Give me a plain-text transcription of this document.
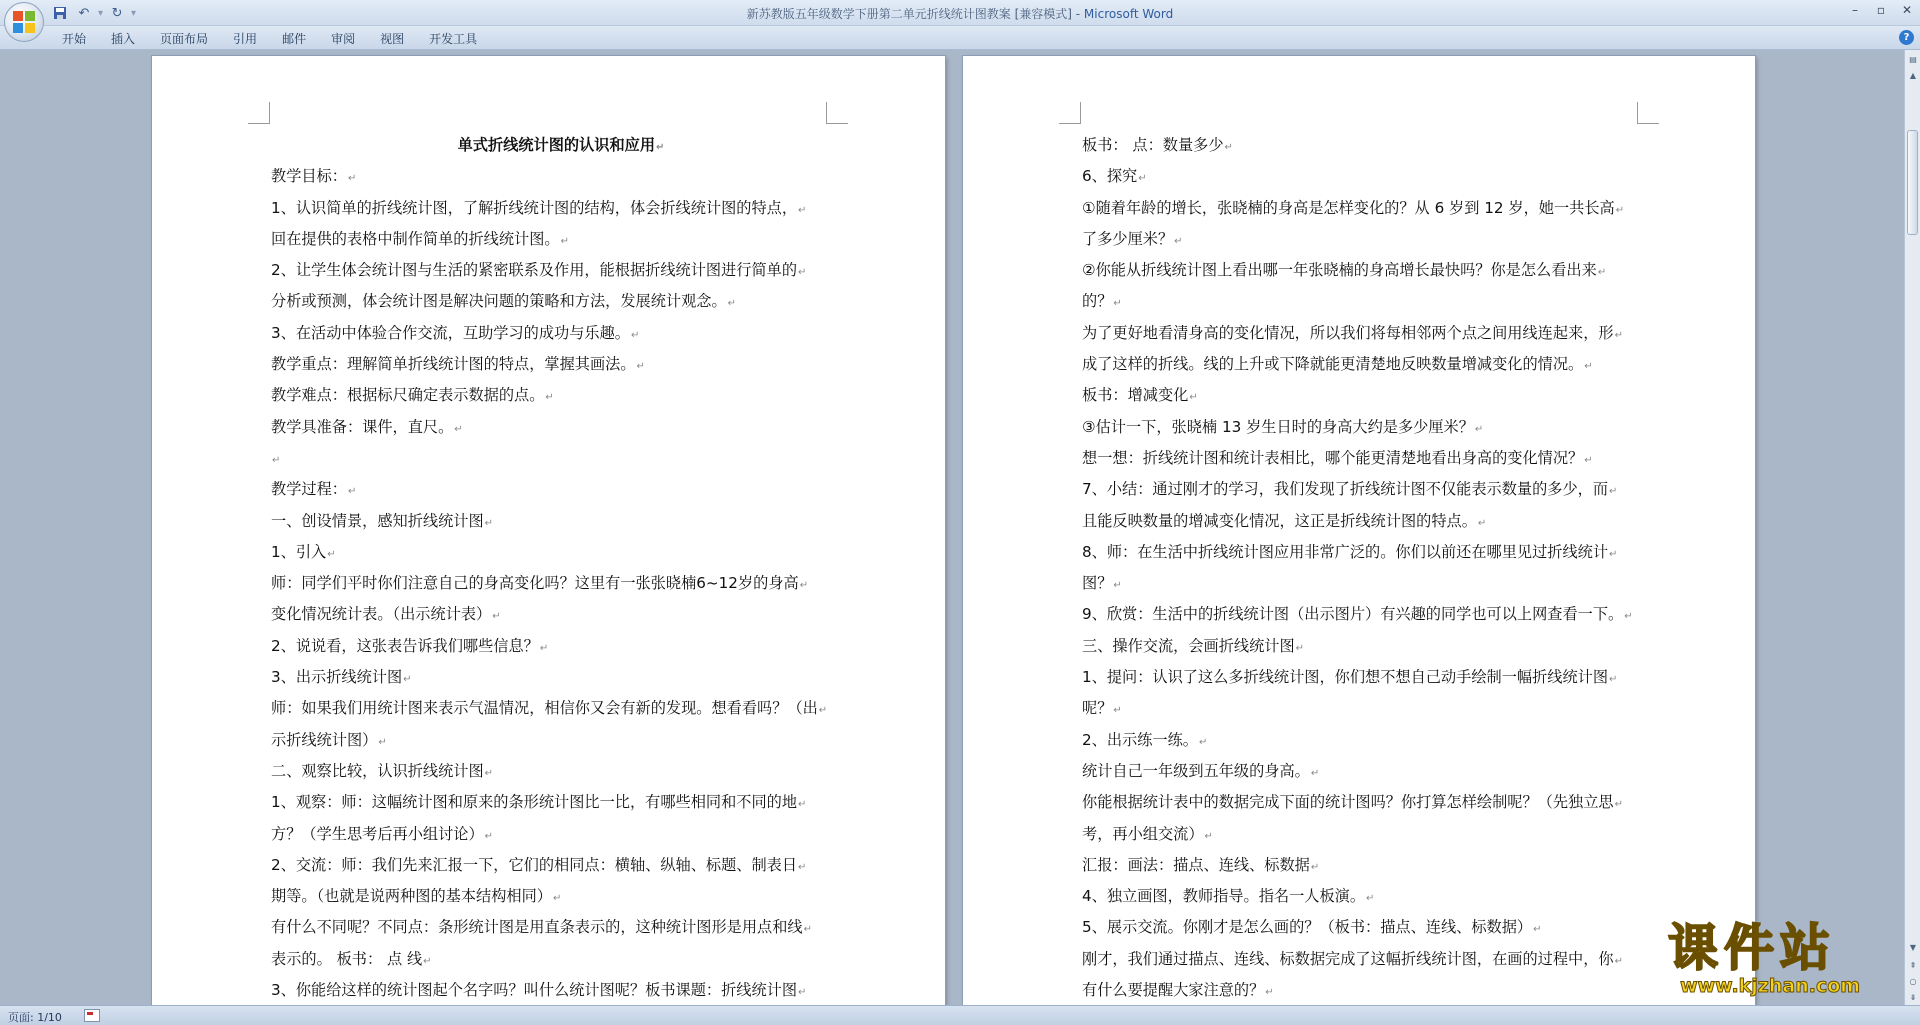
↶ ▾ ↻ ▾	新苏教版五年级数学下册第二单元折线统计图教案 [兼容模式] - Microsoft Word	–	▫	✕
开始	插入	页面布局	引用	邮件	审阅	视图	开发工具	?
单式折线统计图的认识和应用↵
教学目标：↵
1、认识简单的折线统计图，了解折线统计图的结构，体会折线统计图的特点，↵
回在提供的表格中制作简单的折线统计图。↵
2、让学生体会统计图与生活的紧密联系及作用，能根据折线统计图进行简单的↵
分析或预测，体会统计图是解决问题的策略和方法，发展统计观念。↵
3、在活动中体验合作交流，互助学习的成功与乐趣。↵
教学重点：理解简单折线统计图的特点，掌握其画法。↵
教学难点：根据标尺确定表示数据的点。↵
教学具准备：课件，直尺。↵
↵
教学过程：↵
一、创设情景，感知折线统计图↵
1、引入↵
师：同学们平时你们注意自己的身高变化吗？这里有一张张晓楠6~12岁的身高↵
变化情况统计表。（出示统计表）↵
2、说说看，这张表告诉我们哪些信息？↵
3、出示折线统计图↵
师：如果我们用统计图来表示气温情况，相信你又会有新的发现。想看看吗？（出↵
示折线统计图）↵
二、观察比较，认识折线统计图↵
1、观察：师：这幅统计图和原来的条形统计图比一比，有哪些相同和不同的地↵
方？（学生思考后再小组讨论）↵
2、交流：师：我们先来汇报一下，它们的相同点：横轴、纵轴、标题、制表日↵
期等。（也就是说两种图的基本结构相同）↵
有什么不同呢？不同点：条形统计图是用直条表示的，这种统计图形是用点和线↵
表示的。 板书： 点 线↵
3、你能给这样的统计图起个名字吗？叫什么统计图呢？板书课题：折线统计图↵
板书： 点：数量多少↵
6、探究↵
①随着年龄的增长，张晓楠的身高是怎样变化的？从 6 岁到 12 岁，她一共长高↵
了多少厘米？↵
②你能从折线统计图上看出哪一年张晓楠的身高增长最快吗？你是怎么看出来↵
的？↵
为了更好地看清身高的变化情况，所以我们将每相邻两个点之间用线连起来，形↵
成了这样的折线。线的上升或下降就能更清楚地反映数量增减变化的情况。↵
板书：增减变化↵
③估计一下，张晓楠 13 岁生日时的身高大约是多少厘米？↵
想一想：折线统计图和统计表相比，哪个能更清楚地看出身高的变化情况？↵
7、小结：通过刚才的学习，我们发现了折线统计图不仅能表示数量的多少，而↵
且能反映数量的增减变化情况，这正是折线统计图的特点。↵
8、师：在生活中折线统计图应用非常广泛的。你们以前还在哪里见过折线统计↵
图？↵
9、欣赏：生活中的折线统计图（出示图片）有兴趣的同学也可以上网查看一下。↵
三、操作交流，会画折线统计图↵
1、提问：认识了这么多折线统计图，你们想不想自己动手绘制一幅折线统计图↵
呢？↵
2、出示练一练。↵
统计自己一年级到五年级的身高。↵
你能根据统计表中的数据完成下面的统计图吗？你打算怎样绘制呢？（先独立思↵
考，再小组交流）↵
汇报：画法：描点、连线、标数据↵
4、独立画图，教师指导。指名一人板演。↵
5、展示交流。你刚才是怎么画的？（板书：描点、连线、标数据）↵
刚才，我们通过描点、连线、标数据完成了这幅折线统计图，在画的过程中，你↵
有什么要提醒大家注意的？↵
▤
▲
▼
⇞
○
⇟
页面: 1/10
课件站
www.kjzhan.com
